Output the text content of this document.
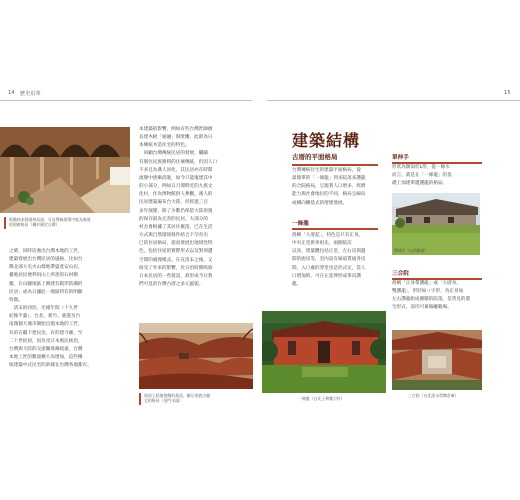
14 歷史沿革	15
板橋林本源園林局部，可見傳統建築中庭及廊道
的迴廊格局（攝於國定古蹟）
之眾，同時培養出台灣本地的工匠，
建築發展出台灣民居的風格。比如台
灣北部大屯火山群地帶盛產安山岩，
臺地居民便利用山上所產的石材砌
牆，在山腳地區上興建有穀形防潮的
民居；或為日據此一地區特有的明顯
特徵。
　清末的同治、光緒年間（十九世
紀後半葉），台北、新竹、鹿港及台
南幾個大城市開始出現本地的工匠，
有的在職下建民房，有的建寺廟，至
二十世紀初，因為受日本殖民統治，
台灣與大陸的交流關係漸疏遠，台灣
本地工匠的數量擴大為增加，這些傳
統建築中式民宅的款樣在台灣各地都有。
本建築的影響，例如有些台灣匠師擅
長建木板「通融」與壁雕，此即為日
本傳統木造住宅的特色。
　回顧台灣傳統民居的發展，纖細
有層住民族務時的住壞傳統，但因人口
不多且為漢人同化，其民居亦在時間
流變中逐漸消逝，如今只能復建其中
的小部分，例如日月潭附近的九族文
化村，作為博物館供人參觀。漢人的
民居建築遍布台大陸，但經過三百
多年演變，除了少數仍保留大陸原貌
的保存最為完善的民居，大部分的
村舍會根據了其居住聚落，已在生活
方式與自然環境條件結合下孕育出
已的住居格局，從而發展出地域性特
色，包括住屋的實際形式以及對周遭
空間的處理模式。在宣清末之後，又
接受了外來的影響，於日治時期吸收
日本民居的一些裝設，故形成今日我
們可見的台灣古厝之多元風貌。
屋頂上彩繪裝飾的燕尾，顯示豪族宗親
宅的格局（金門水頭）
建築結構
古厝的平面格局
台灣傳統住宅的建築平面格局，從
最簡單的「一條龍」到多院落多護龍
的合院格局，呈現著人口增多、經濟
能力與社會地位的不同，格局呈線向
或橫向擴延式的增建發展。
一條龍
俗稱「大厝起」，特色是只有正身，
中央正堂供奉祖先，兩側依次
以身，建築體包括正堂、左右房與邊
間的廚房等，室內設有廊道貫通各房
間，入口處的穿堂也是形式定，當人
口增加時，可在左延伸形成單向護
龍。
單伸手
形狀為類似於L形，從一條水
而言，就是在「一條龍」的基
礎上加建單邊護龍的格局。
單伸手（台南後壁）
三合院
俗稱「正身帶護龍」或「大厝身，
雙護龍」，形狀如ㄇ字形，為正身加
左右護龍組成圍牆的院落，是常見的農
宅形式，前埕可兼做曬穀場。
一條龍（台北土林雙可村）
三合院（台北淡水殼牌倉庫）
